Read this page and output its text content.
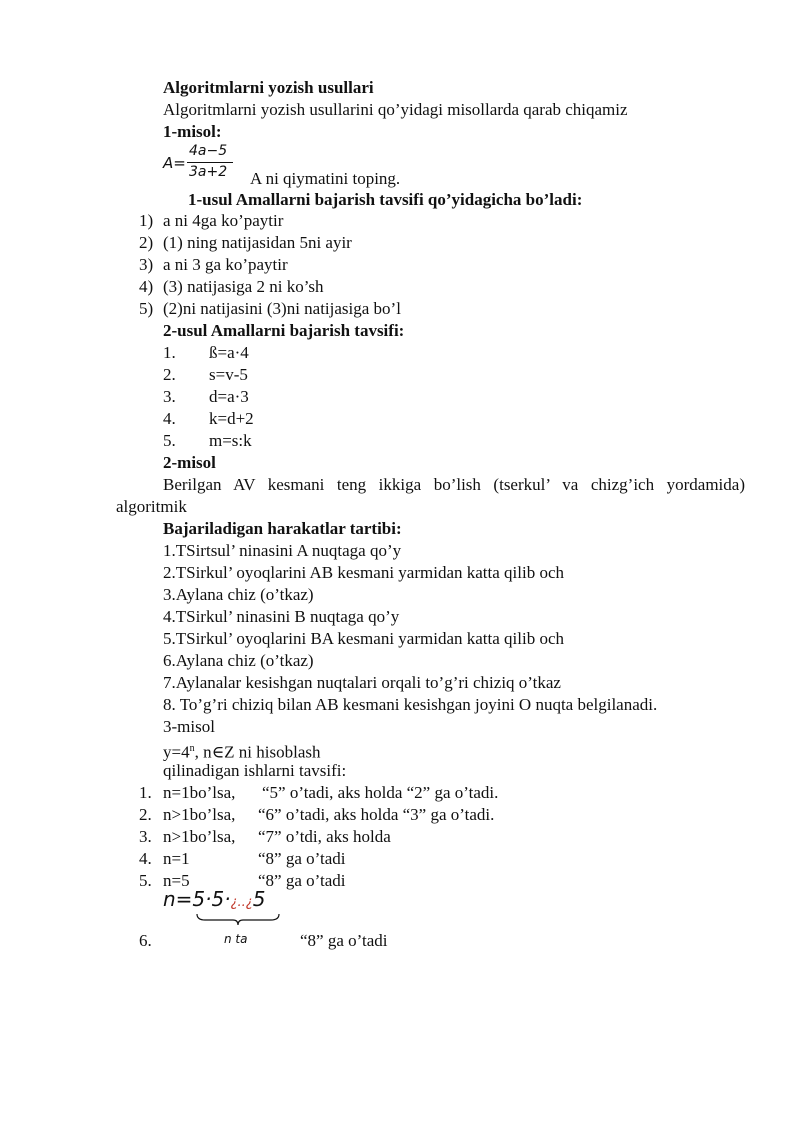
Algoritmlarni yozish usullari
Algoritmlarni yozish usullarini qo’yidagi misollarda qarab chiqamiz
1-misol:
A=
4a−5
3a+2 A ni qiymatini toping.
1-usul Amallarni bajarish tavsifi qo’yidagicha bo’ladi:
1) a ni 4ga ko’paytir
2) (1) ning natijasidan 5ni ayir
3) a ni 3 ga ko’paytir
4) (3) natijasiga 2 ni ko’sh
5) (2)ni natijasini (3)ni natijasiga bo’l
2-usul Amallarni bajarish tavsifi:
1. ß=a·4
2. s=v-5
3. d=a·3
4. k=d+2
5. m=s:k
2-misol
Berilgan AV kesmani teng ikkiga bo’lish (tserkul’ va chizg’ich yordamida)
algoritmik
Bajariladigan harakatlar tartibi:
1.TSirtsul’ ninasini A nuqtaga qo’y
2.TSirkul’ oyoqlarini AB kesmani yarmidan katta qilib och
3.Aylana chiz (o’tkaz)
4.TSirkul’ ninasini B nuqtaga qo’y
5.TSirkul’ oyoqlarini BA kesmani yarmidan katta qilib och
6.Aylana chiz (o’tkaz)
7.Aylanalar kesishgan nuqtalari orqali to’g’ri chiziq o’tkaz
8. To’g’ri chiziq bilan AB kesmani kesishgan joyini O nuqta belgilanadi.
3-misol
$y=4^n$, n∈Z ni hisoblash
qilinadigan ishlarni tavsifi:
1. n=1bo’lsa, “5” o’tadi, aks holda “2” ga o’tadi.
2. n>1bo’lsa, “6” o’tadi, aks holda “3” ga o’tadi.
3. n>1bo’lsa, “7” o’tdi, aks holda
4. n=1	“8” ga o’tadi
5. n=5	“8” ga o’tadi
n=5·5·¿..¿5
n ta
6.	“8” ga o’tadi
